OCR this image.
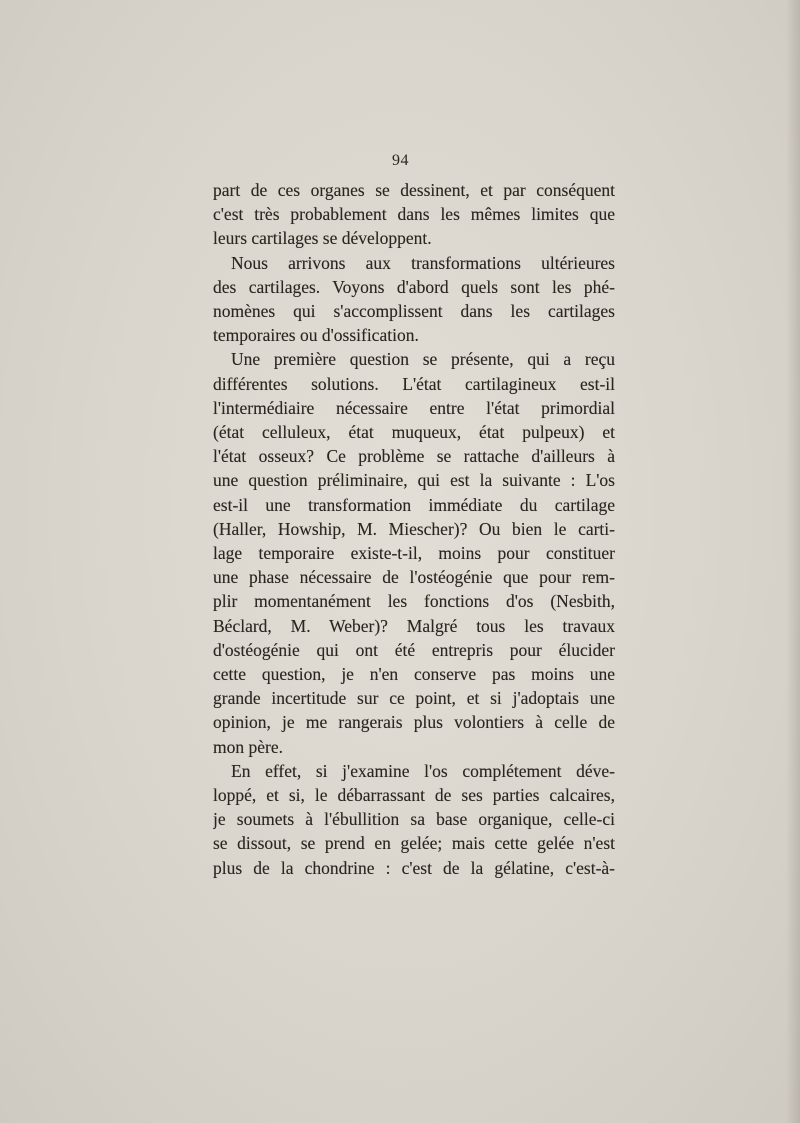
94
part de ces organes se dessinent, et par conséquent
c'est très probablement dans les mêmes limites que
leurs cartilages se développent.
Nous arrivons aux transformations ultérieures
des cartilages. Voyons d'abord quels sont les phé-
nomènes qui s'accomplissent dans les cartilages
temporaires ou d'ossification.
Une première question se présente, qui a reçu
différentes solutions. L'état cartilagineux est-il
l'intermédiaire nécessaire entre l'état primordial
(état celluleux, état muqueux, état pulpeux) et
l'état osseux? Ce problème se rattache d'ailleurs à
une question préliminaire, qui est la suivante : L'os
est-il une transformation immédiate du cartilage
(Haller, Howship, M. Miescher)? Ou bien le carti-
lage temporaire existe-t-il, moins pour constituer
une phase nécessaire de l'ostéogénie que pour rem-
plir momentanément les fonctions d'os (Nesbith,
Béclard, M. Weber)? Malgré tous les travaux
d'ostéogénie qui ont été entrepris pour élucider
cette question, je n'en conserve pas moins une
grande incertitude sur ce point, et si j'adoptais une
opinion, je me rangerais plus volontiers à celle de
mon père.
En effet, si j'examine l'os complétement déve-
loppé, et si, le débarrassant de ses parties calcaires,
je soumets à l'ébullition sa base organique, celle-ci
se dissout, se prend en gelée; mais cette gelée n'est
plus de la chondrine : c'est de la gélatine, c'est-à-
